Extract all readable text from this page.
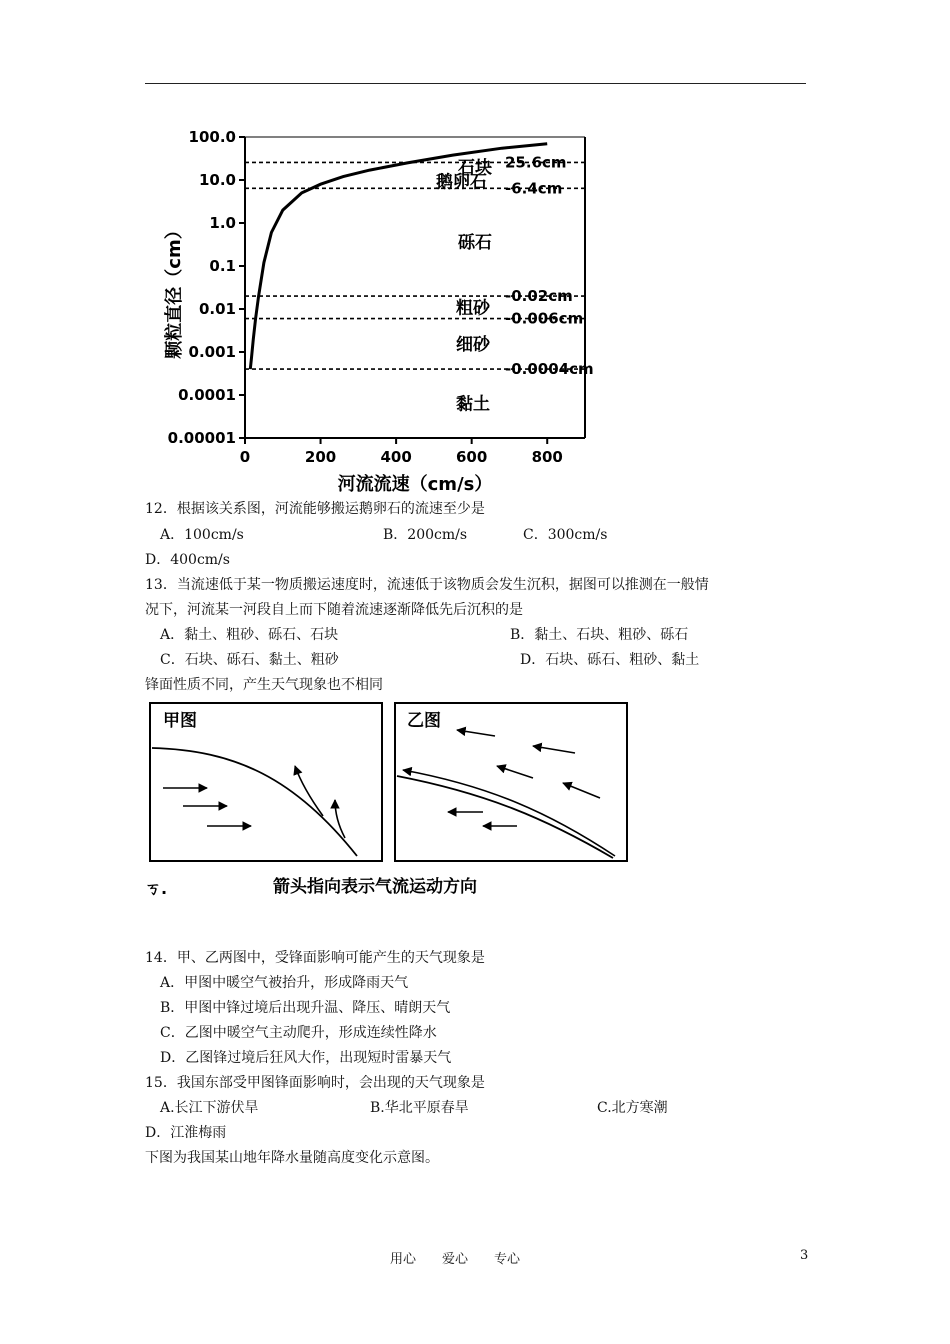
100.0
10.0
1.0
0.1
0.01
0.001
0.0001
0.00001
0	200	400	600	800
25.6cm
-6.4cm
-0.02cm
-0.006cm
-0.0004cm
石块
鹅卵石
砾石
粗砂
细砂
黏土
颗粒直径（cm）
河流流速（cm/s）
12．根据该关系图，河流能够搬运鹅卵石的流速至少是
A．100cm/s	B．200cm/s	C．300cm/s
D．400cm/s
13．当流速低于某一物质搬运速度时，流速低于该物质会发生沉积，据图可以推测在一般情
况下，河流某一河段自上而下随着流速逐渐降低先后沉积的是
A．黏土、粗砂、砾石、石块	B．黏土、石块、粗砂、砾石
C．石块、砾石、黏土、粗砂	D．石块、砾石、粗砂、黏土
锋面性质不同，产生天气现象也不相同
甲图	乙图
ㄎ.	箭头指向表示气流运动方向
14．甲、乙两图中，受锋面影响可能产生的天气现象是
A．甲图中暖空气被抬升，形成降雨天气
B．甲图中锋过境后出现升温、降压、晴朗天气
C．乙图中暖空气主动爬升，形成连续性降水
D．乙图锋过境后狂风大作，出现短时雷暴天气
15．我国东部受甲图锋面影响时，会出现的天气现象是
A.长江下游伏旱	B.华北平原春旱	C.北方寒潮
D．江淮梅雨
下图为我国某山地年降水量随高度变化示意图。
用心　　爱心　　专心	3
